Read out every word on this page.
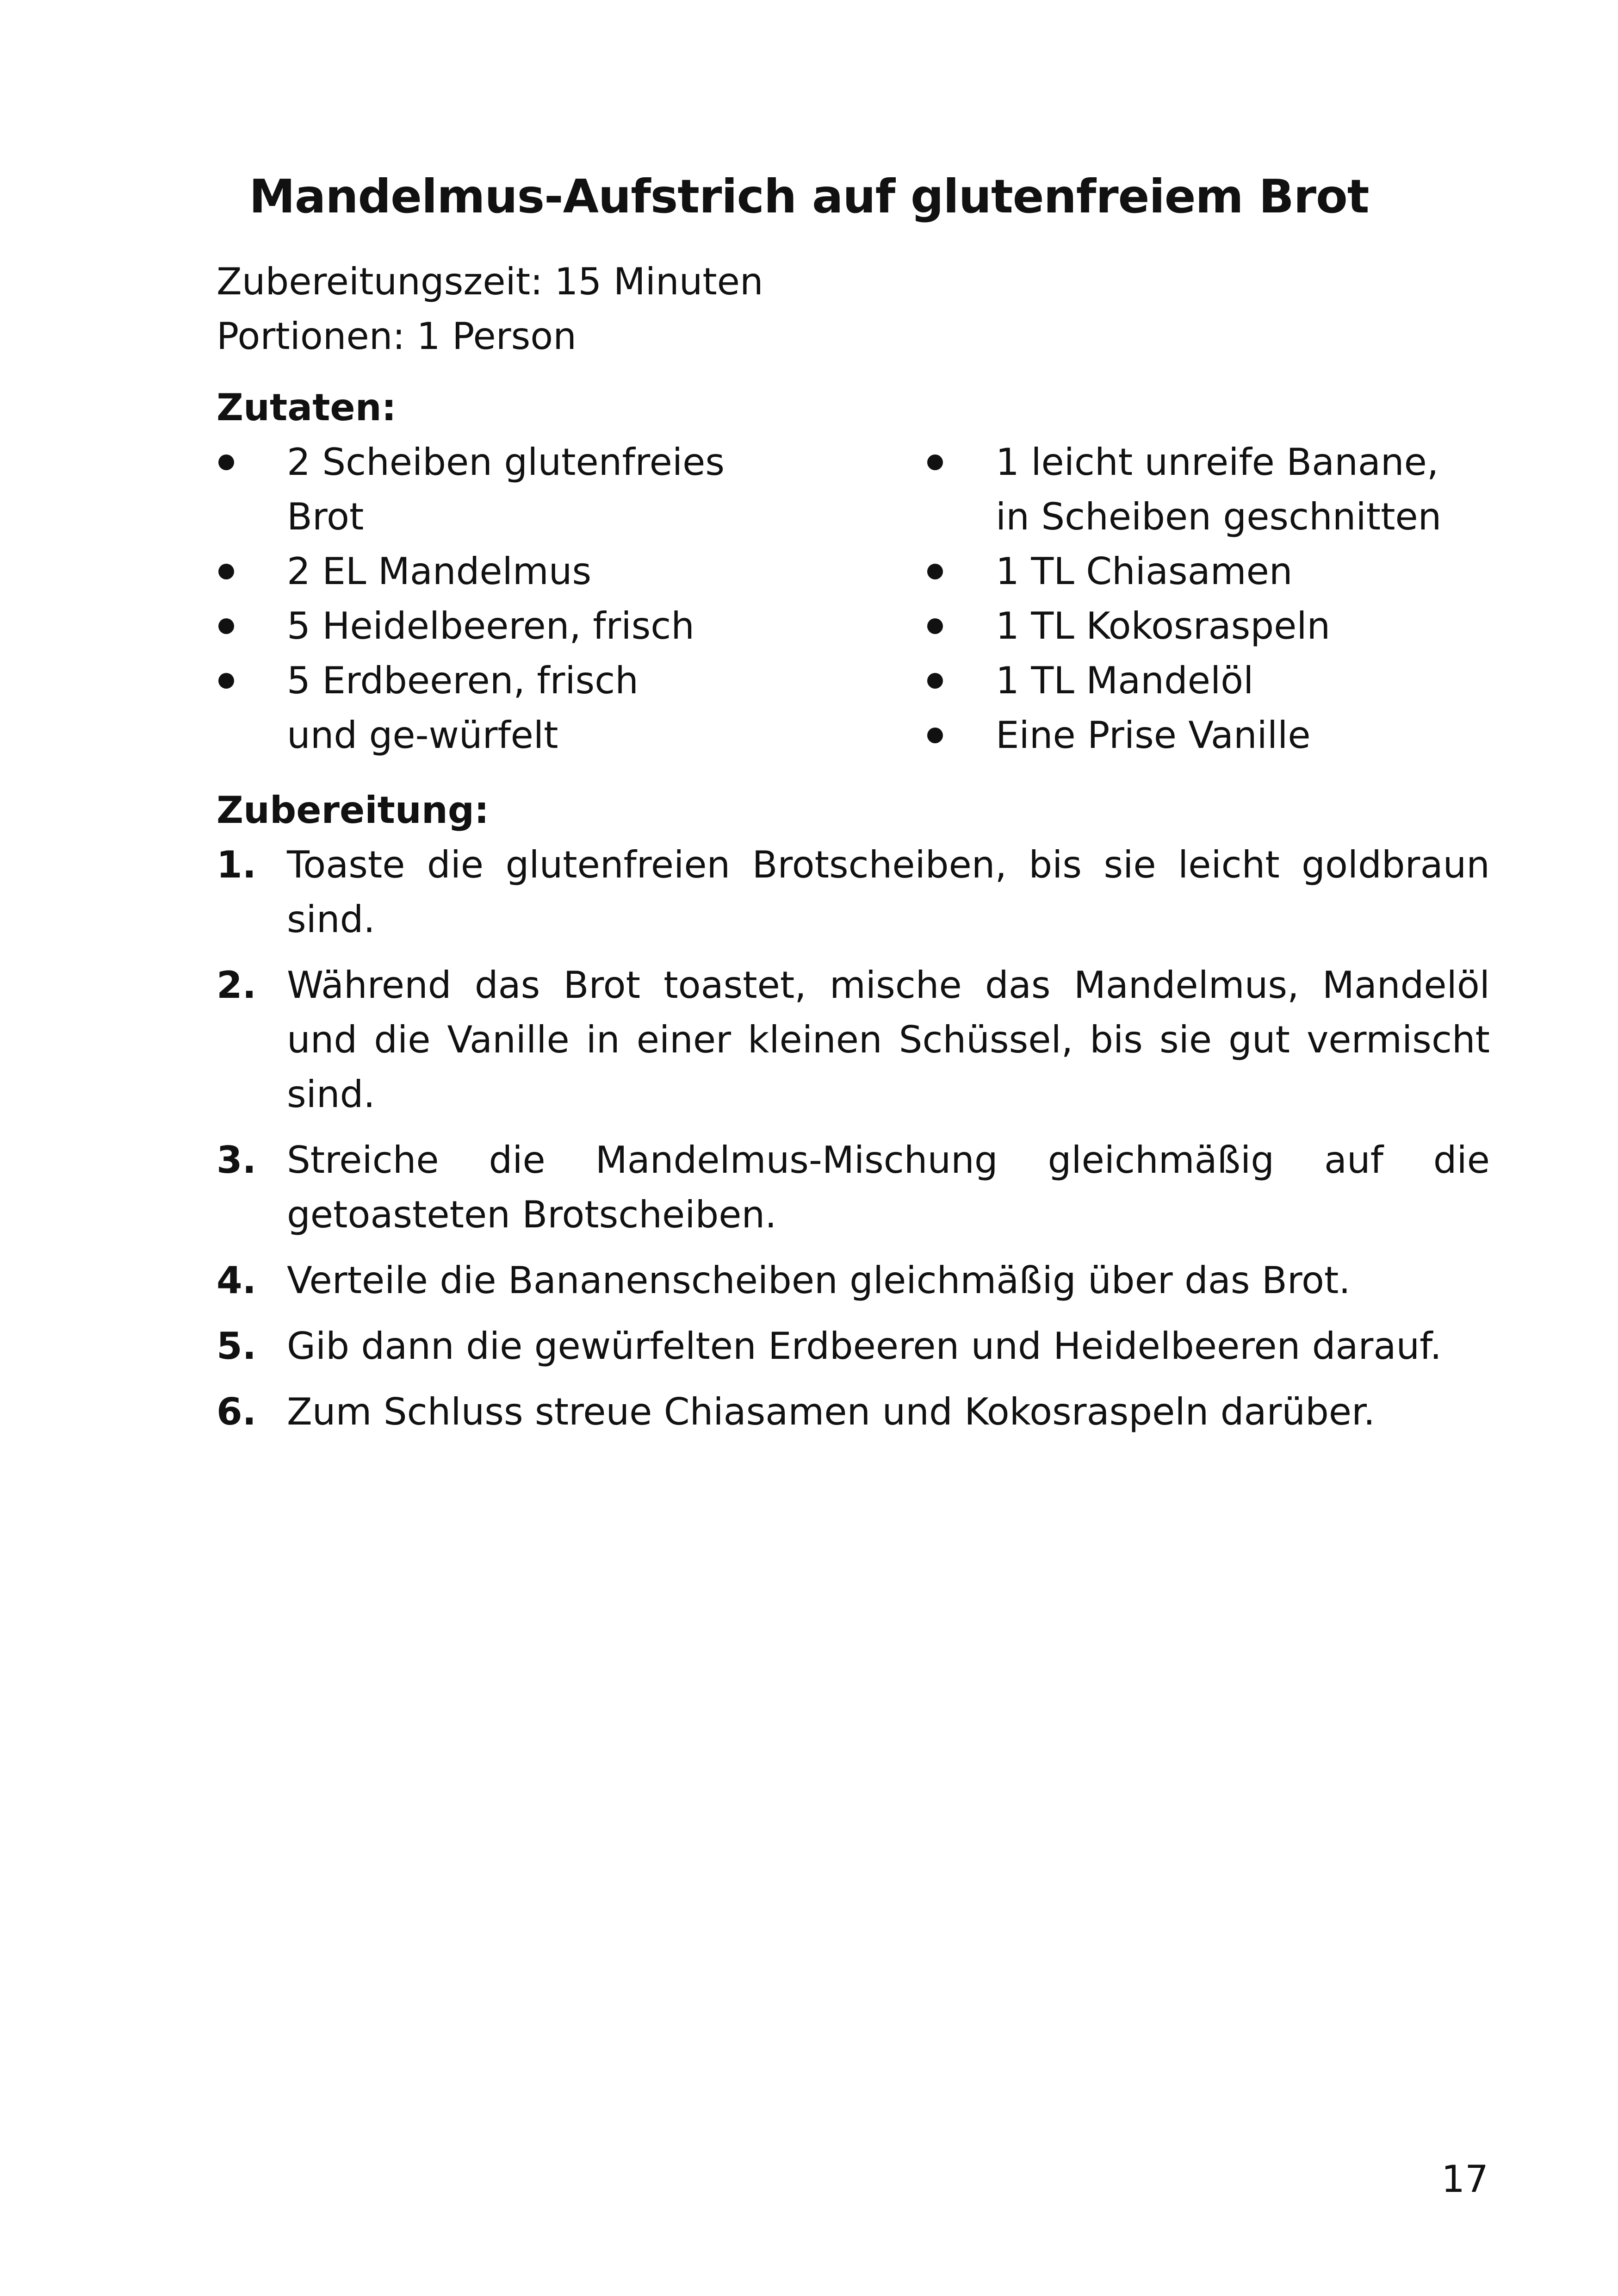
Mandelmus-Aufstrich auf glutenfreiem Brot
Zubereitungszeit: 15 Minuten
Portionen: 1 Person
Zutaten:
2 Scheiben glutenfreies Brot
2 EL Mandelmus
5 Heidelbeeren, frisch
5 Erdbeeren, frisch und ge-würfelt
1 leicht unreife Banane, in Scheiben geschnitten
1 TL Chiasamen
1 TL Kokosraspeln
1 TL Mandelöl
Eine Prise Vanille
Zubereitung:
1. Toaste die glutenfreien Brotscheiben, bis sie leicht goldbraun sind.
2. Während das Brot toastet, mische das Mandelmus, Mandelöl und die Vanille in einer kleinen Schüssel, bis sie gut vermischt sind.
3. Streiche die Mandelmus-Mischung gleichmäßig auf die getoasteten Brotscheiben.
4. Verteile die Bananenscheiben gleichmäßig über das Brot.
5. Gib dann die gewürfelten Erdbeeren und Heidelbeeren darauf.
6. Zum Schluss streue Chiasamen und Kokosraspeln darüber.
17
